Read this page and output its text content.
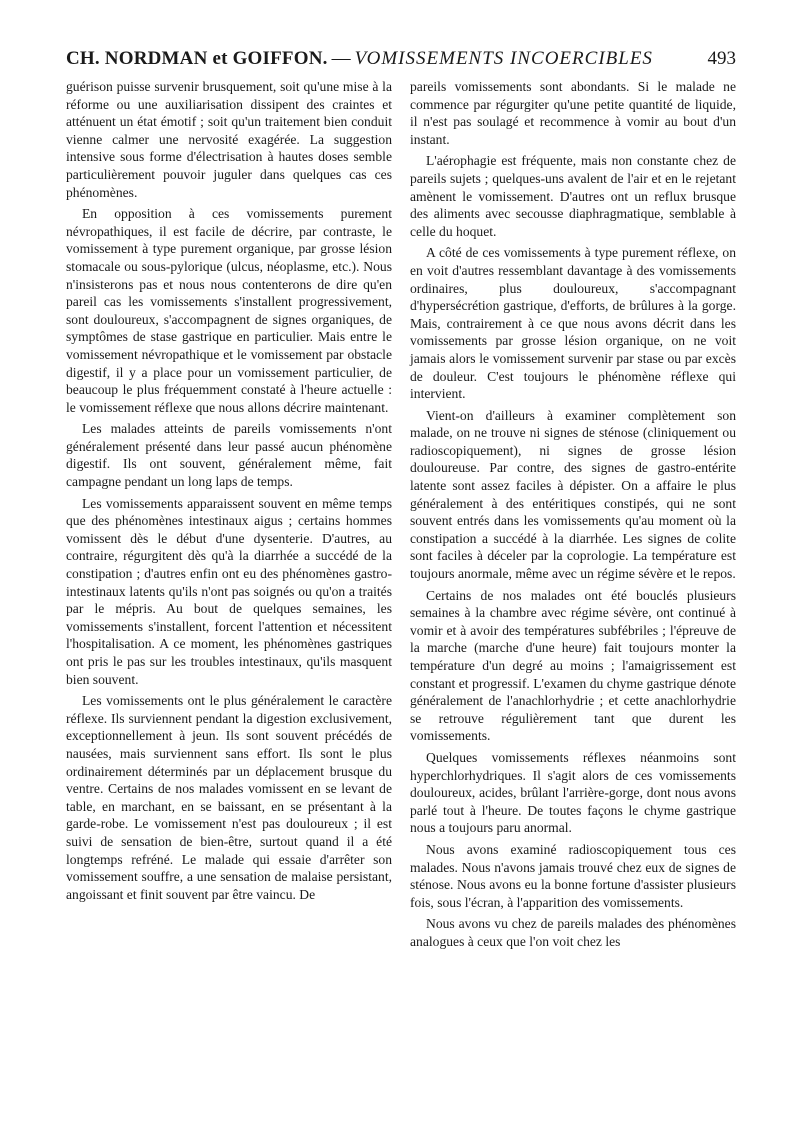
CH. NORDMAN et GOIFFON. — VOMISSEMENTS INCOERCIBLES	493

guérison puisse survenir brusquement, soit qu'une mise à la réforme ou une auxiliarisation dissipent des craintes et atténuent un état émotif ; soit qu'un traitement bien conduit vienne calmer une nervosité exagérée. La suggestion intensive sous forme d'électrisation à hautes doses semble particulièrement pouvoir juguler dans quelques cas ces phénomènes.

En opposition à ces vomissements purement névropathiques, il est facile de décrire, par contraste, le vomissement à type purement organique, par grosse lésion stomacale ou sous-pylorique (ulcus, néoplasme, etc.). Nous n'insisterons pas et nous nous contenterons de dire qu'en pareil cas les vomissements s'installent progressivement, sont douloureux, s'accompagnent de signes organiques, de symptômes de stase gastrique en particulier. Mais entre le vomissement névropathique et le vomissement par obstacle digestif, il y a place pour un vomissement particulier, de beaucoup le plus fréquemment constaté à l'heure actuelle : le vomissement réflexe que nous allons décrire maintenant.

Les malades atteints de pareils vomissements n'ont généralement présenté dans leur passé aucun phénomène digestif. Ils ont souvent, généralement même, fait campagne pendant un long laps de temps.

Les vomissements apparaissent souvent en même temps que des phénomènes intestinaux aigus ; certains hommes vomissent dès le début d'une dysenterie. D'autres, au contraire, régurgitent dès qu'à la diarrhée a succédé de la constipation ; d'autres enfin ont eu des phénomènes gastro-intestinaux latents qu'ils n'ont pas soignés ou qu'on a traités par le mépris. Au bout de quelques semaines, les vomissements s'installent, forcent l'attention et nécessitent l'hospitalisation. A ce moment, les phénomènes gastriques ont pris le pas sur les troubles intestinaux, qu'ils masquent bien souvent.

Les vomissements ont le plus généralement le caractère réflexe. Ils surviennent pendant la digestion exclusivement, exceptionnellement à jeun. Ils sont souvent précédés de nausées, mais surviennent sans effort. Ils sont le plus ordinairement déterminés par un déplacement brusque du ventre. Certains de nos malades vomissent en se levant de table, en marchant, en se baissant, en se présentant à la garde-robe. Le vomissement n'est pas douloureux ; il est suivi de sensation de bien-être, surtout quand il a été longtemps refréné. Le malade qui essaie d'arrêter son vomissement souffre, a une sensation de malaise persistant, angoissant et finit souvent par être vaincu. De

pareils vomissements sont abondants. Si le malade ne commence par régurgiter qu'une petite quantité de liquide, il n'est pas soulagé et recommence à vomir au bout d'un instant.

L'aérophagie est fréquente, mais non constante chez de pareils sujets ; quelques-uns avalent de l'air et en le rejetant amènent le vomissement. D'autres ont un reflux brusque des aliments avec secousse diaphragmatique, semblable à celle du hoquet.

A côté de ces vomissements à type purement réflexe, on en voit d'autres ressemblant davantage à des vomissements ordinaires, plus douloureux, s'accompagnant d'hypersécrétion gastrique, d'efforts, de brûlures à la gorge. Mais, contrairement à ce que nous avons décrit dans les vomissements par grosse lésion organique, on ne voit jamais alors le vomissement survenir par stase ou par excès de douleur. C'est toujours le phénomène réflexe qui intervient.

Vient-on d'ailleurs à examiner complètement son malade, on ne trouve ni signes de sténose (cliniquement ou radioscopiquement), ni signes de grosse lésion douloureuse. Par contre, des signes de gastro-entérite latente sont assez faciles à dépister. On a affaire le plus généralement à des entéritiques constipés, qui ne sont souvent entrés dans les vomissements qu'au moment où la constipation a succédé à la diarrhée. Les signes de colite sont faciles à déceler par la coprologie. La température est toujours anormale, même avec un régime sévère et le repos.

Certains de nos malades ont été bouclés plusieurs semaines à la chambre avec régime sévère, ont continué à vomir et à avoir des températures subfébriles ; l'épreuve de la marche (marche d'une heure) fait toujours monter la température d'un degré au moins ; l'amaigrissement est constant et progressif. L'examen du chyme gastrique dénote généralement de l'anachlorhydrie ; et cette anachlorhydrie se retrouve régulièrement tant que durent les vomissements.

Quelques vomissements réflexes néanmoins sont hyperchlorhydriques. Il s'agit alors de ces vomissements douloureux, acides, brûlant l'arrière-gorge, dont nous avons parlé tout à l'heure. De toutes façons le chyme gastrique nous a toujours paru anormal.

Nous avons examiné radioscopiquement tous ces malades. Nous n'avons jamais trouvé chez eux de signes de sténose. Nous avons eu la bonne fortune d'assister plusieurs fois, sous l'écran, à l'apparition des vomissements.

Nous avons vu chez de pareils malades des phénomènes analogues à ceux que l'on voit chez les
